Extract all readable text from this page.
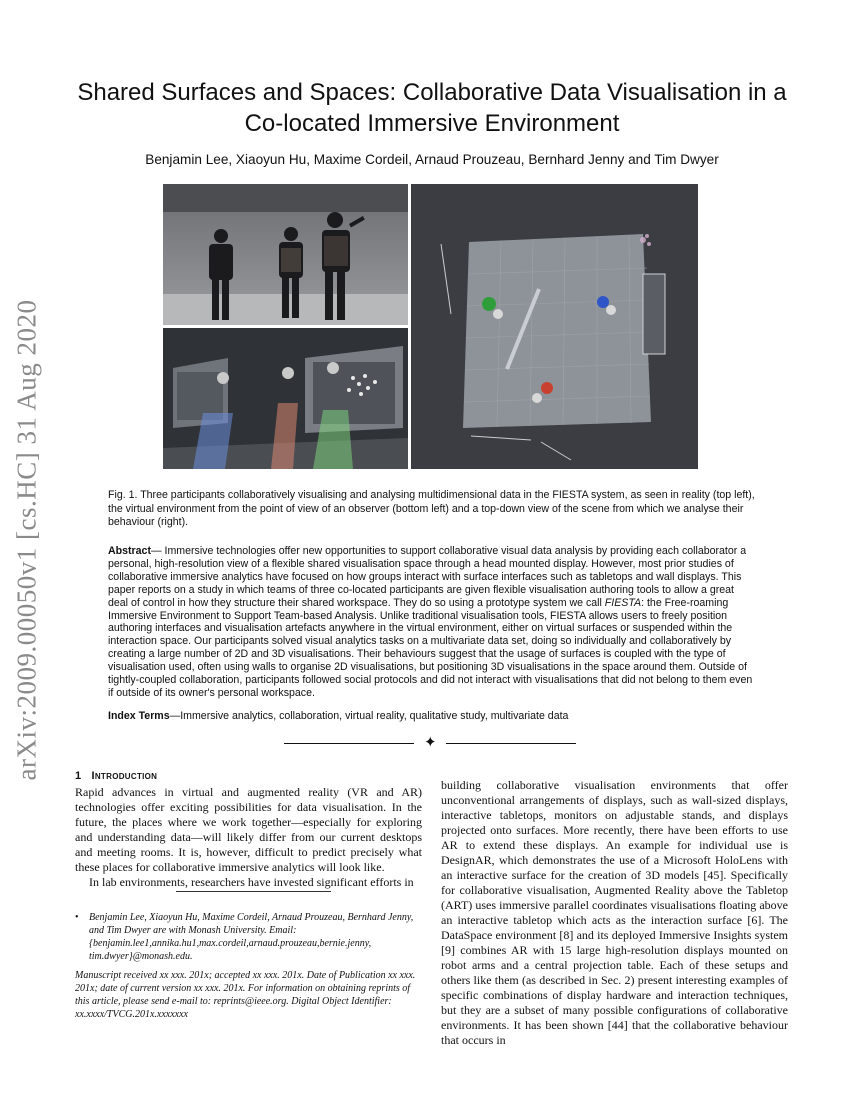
arXiv:2009.00050v1 [cs.HC] 31 Aug 2020
Shared Surfaces and Spaces: Collaborative Data Visualisation in a Co-located Immersive Environment
Benjamin Lee, Xiaoyun Hu, Maxime Cordeil, Arnaud Prouzeau, Bernhard Jenny and Tim Dwyer
Fig. 1. Three participants collaboratively visualising and analysing multidimensional data in the FIESTA system, as seen in reality (top left), the virtual environment from the point of view of an observer (bottom left) and a top-down view of the scene from which we analyse their behaviour (right).
Abstract— Immersive technologies offer new opportunities to support collaborative visual data analysis by providing each collaborator a personal, high-resolution view of a flexible shared visualisation space through a head mounted display. However, most prior studies of collaborative immersive analytics have focused on how groups interact with surface interfaces such as tabletops and wall displays. This paper reports on a study in which teams of three co-located participants are given flexible visualisation authoring tools to allow a great deal of control in how they structure their shared workspace. They do so using a prototype system we call FIESTA: the Free-roaming Immersive Environment to Support Team-based Analysis. Unlike traditional visualisation tools, FIESTA allows users to freely position authoring interfaces and visualisation artefacts anywhere in the virtual environment, either on virtual surfaces or suspended within the interaction space. Our participants solved visual analytics tasks on a multivariate data set, doing so individually and collaboratively by creating a large number of 2D and 3D visualisations. Their behaviours suggest that the usage of surfaces is coupled with the type of visualisation used, often using walls to organise 2D visualisations, but positioning 3D visualisations in the space around them. Outside of tightly-coupled collaboration, participants followed social protocols and did not interact with visualisations that did not belong to them even if outside of its owner's personal workspace.
Index Terms—Immersive analytics, collaboration, virtual reality, qualitative study, multivariate data
✦
1 Introduction

Rapid advances in virtual and augmented reality (VR and AR) technologies offer exciting possibilities for data visualisation. In the future, the places where we work together—especially for exploring and understanding data—will likely differ from our current desktops and meeting rooms. It is, however, difficult to predict precisely what these places for collaborative immersive analytics will look like.

In lab environments, researchers have invested significant efforts in

• Benjamin Lee, Xiaoyun Hu, Maxime Cordeil, Arnaud Prouzeau, Bernhard Jenny, and Tim Dwyer are with Monash University. Email: {benjamin.lee1,annika.hu1,max.cordeil,arnaud.prouzeau,bernie.jenny, tim.dwyer}@monash.edu.
Manuscript received xx xxx. 201x; accepted xx xxx. 201x. Date of Publication xx xxx. 201x; date of current version xx xxx. 201x. For information on obtaining reprints of this article, please send e-mail to: reprints@ieee.org. Digital Object Identifier: xx.xxxx/TVCG.201x.xxxxxxx

building collaborative visualisation environments that offer unconventional arrangements of displays, such as wall-sized displays, interactive tabletops, monitors on adjustable stands, and displays projected onto surfaces. More recently, there have been efforts to use AR to extend these displays. An example for individual use is DesignAR, which demonstrates the use of a Microsoft HoloLens with an interactive surface for the creation of 3D models [45]. Specifically for collaborative visualisation, Augmented Reality above the Tabletop (ART) uses immersive parallel coordinates visualisations floating above an interactive tabletop which acts as the interaction surface [6]. The DataSpace environment [8] and its deployed Immersive Insights system [9] combines AR with 15 large high-resolution displays mounted on robot arms and a central projection table. Each of these setups and others like them (as described in Sec. 2) present interesting examples of specific combinations of display hardware and interaction techniques, but they are a subset of many possible configurations of collaborative environments. It has been shown [44] that the collaborative behaviour that occurs in
